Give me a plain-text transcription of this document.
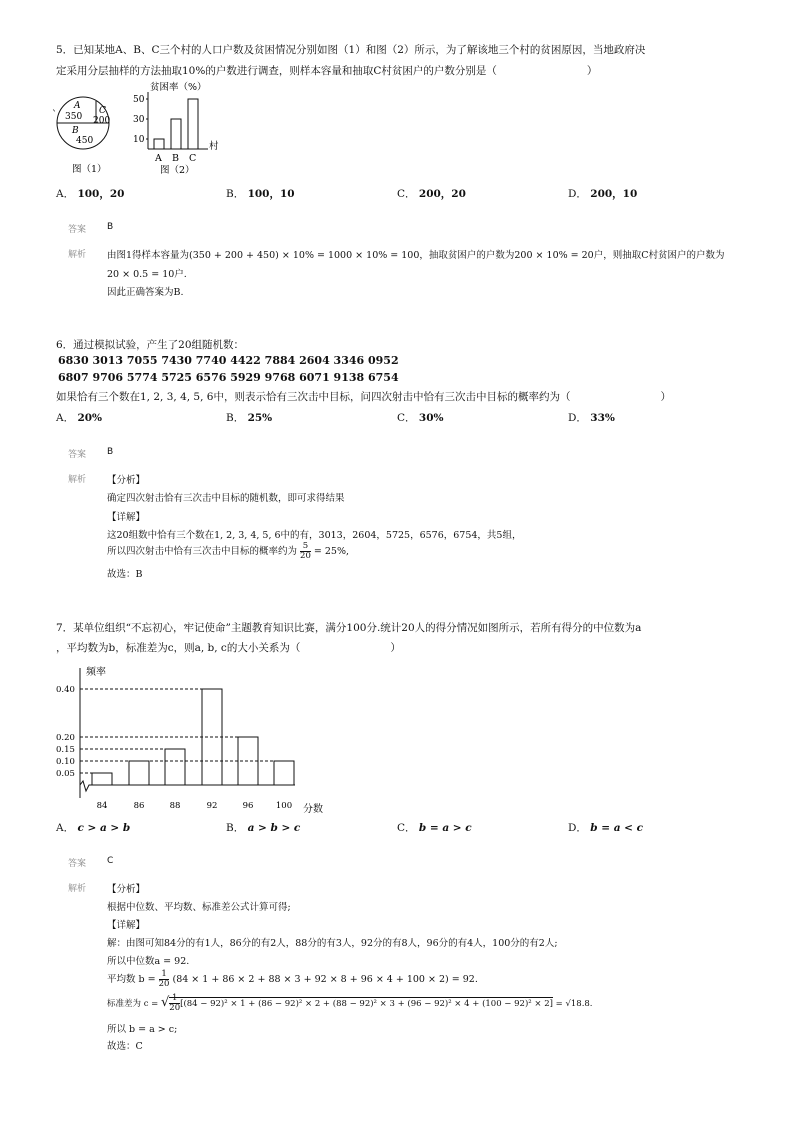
5．已知某地A、B、C三个村的人口户数及贫困情况分别如图（1）和图（2）所示，为了解该地三个村的贫困原因，当地政府决
定采用分层抽样的方法抽取10%的户数进行调查，则样本容量和抽取C村贫困户的户数分别是（	）
`
A
350
C
200
B
450
图（1）
贫困率（%）
村
A B C
50
30
10
图（2）
A． 100，20	B． 100，10	C． 200，20	D． 200，10
答案 B
解析 由图1得样本容量为(350 + 200 + 450) × 10% = 1000 × 10% = 100，抽取贫困户的户数为200 × 10% = 20户，则抽取C村贫困户的户数为
20 × 0.5 = 10户.
因此正确答案为B.
6．通过模拟试验，产生了20组随机数：
6830 3013 7055 7430 7740 4422 7884 2604 3346 0952
6807 9706 5774 5725 6576 5929 9768 6071 9138 6754
如果恰有三个数在1, 2, 3, 4, 5, 6中，则表示恰有三次击中目标，问四次射击中恰有三次击中目标的概率约为（	）
A． 20%	B． 25%	C． 30%	D． 33%
答案 B
解析 【分析】
确定四次射击恰有三次击中目标的随机数，即可求得结果
【详解】
这20组数中恰有三个数在1, 2, 3, 4, 5, 6中的有，3013，2604，5725，6576，6754，共5组，
所以四次射击中恰有三次击中目标的概率约为 $\frac{5}{20} = 25\%$,
故选：B
7．某单位组织“不忘初心，牢记使命”主题教育知识比赛，满分100分.统计20人的得分情况如图所示，若所有得分的中位数为a
，平均数为b，标准差为c，则a, b, c的大小关系为（	）
频率
分数
84	86	88	92	96	100
0.40
0.20
0.15
0.10
0.05
A． c > a > b	B． a > b > c	C． b = a > c	D． b = a < c
答案 C
解析 【分析】
根据中位数、平均数、标准差公式计算可得;
【详解】
解：由图可知84分的有1人，86分的有2人，88分的有3人，92分的有8人，96分的有4人，100分的有2人;
所以中位数a = 92.
平均数 $b = \frac{1}{20} (84 \times 1 + 86 \times 2 + 88 \times 3 + 92 \times 8 + 96 \times 4 + 100 \times 2) = 92$.
标准差为 c = √ $\frac{1}{20} [(84 - 92)^2 \times 1 + (86 - 92)^2 \times 2 + (88 - 92)^2 \times 3 + (96 - 92)^2 \times 4 + (100 - 92)^2 \times 2] = √18.8$.
所以 b = a > c;
故选：C
